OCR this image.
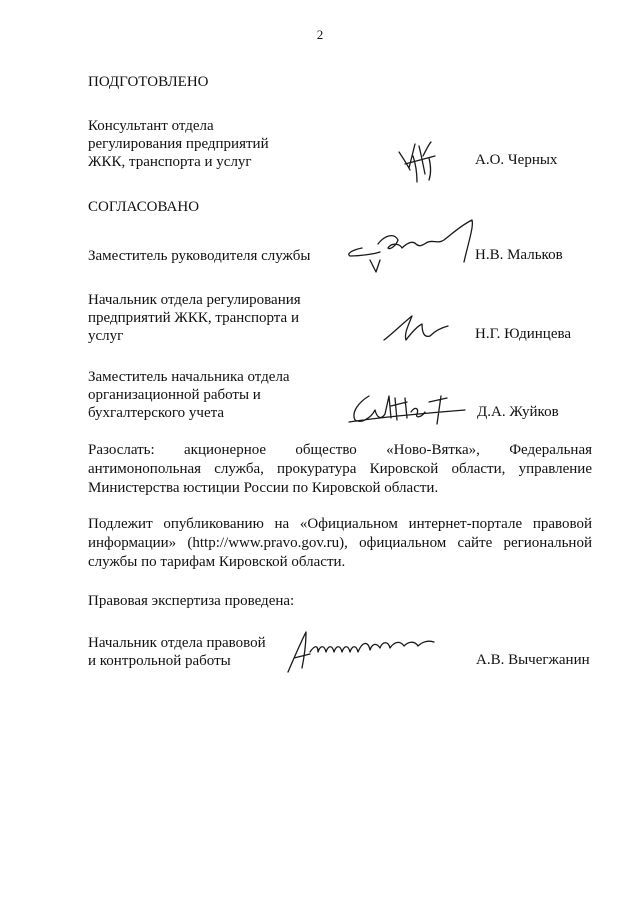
2
ПОДГОТОВЛЕНО
Консультант отдела
регулирования предприятий
ЖКК, транспорта и услуг	А.О. Черных
СОГЛАСОВАНО
Заместитель руководителя службы	Н.В. Мальков
Начальник отдела регулирования
предприятий ЖКК, транспорта и
услуг	Н.Г. Юдинцева
Заместитель начальника отдела
организационной работы и
бухгалтерского учета	Д.А. Жуйков
Разослать: акционерное общество «Ново-Вятка», Федеральная антимонопольная служба, прокуратура Кировской области, управление Министерства юстиции России по Кировской области.
Подлежит опубликованию на «Официальном интернет-портале правовой информации» (http://www.pravo.gov.ru), официальном сайте региональной службы по тарифам Кировской области.
Правовая экспертиза проведена:
Начальник отдела правовой
и контрольной работы	А.В. Вычегжанин
